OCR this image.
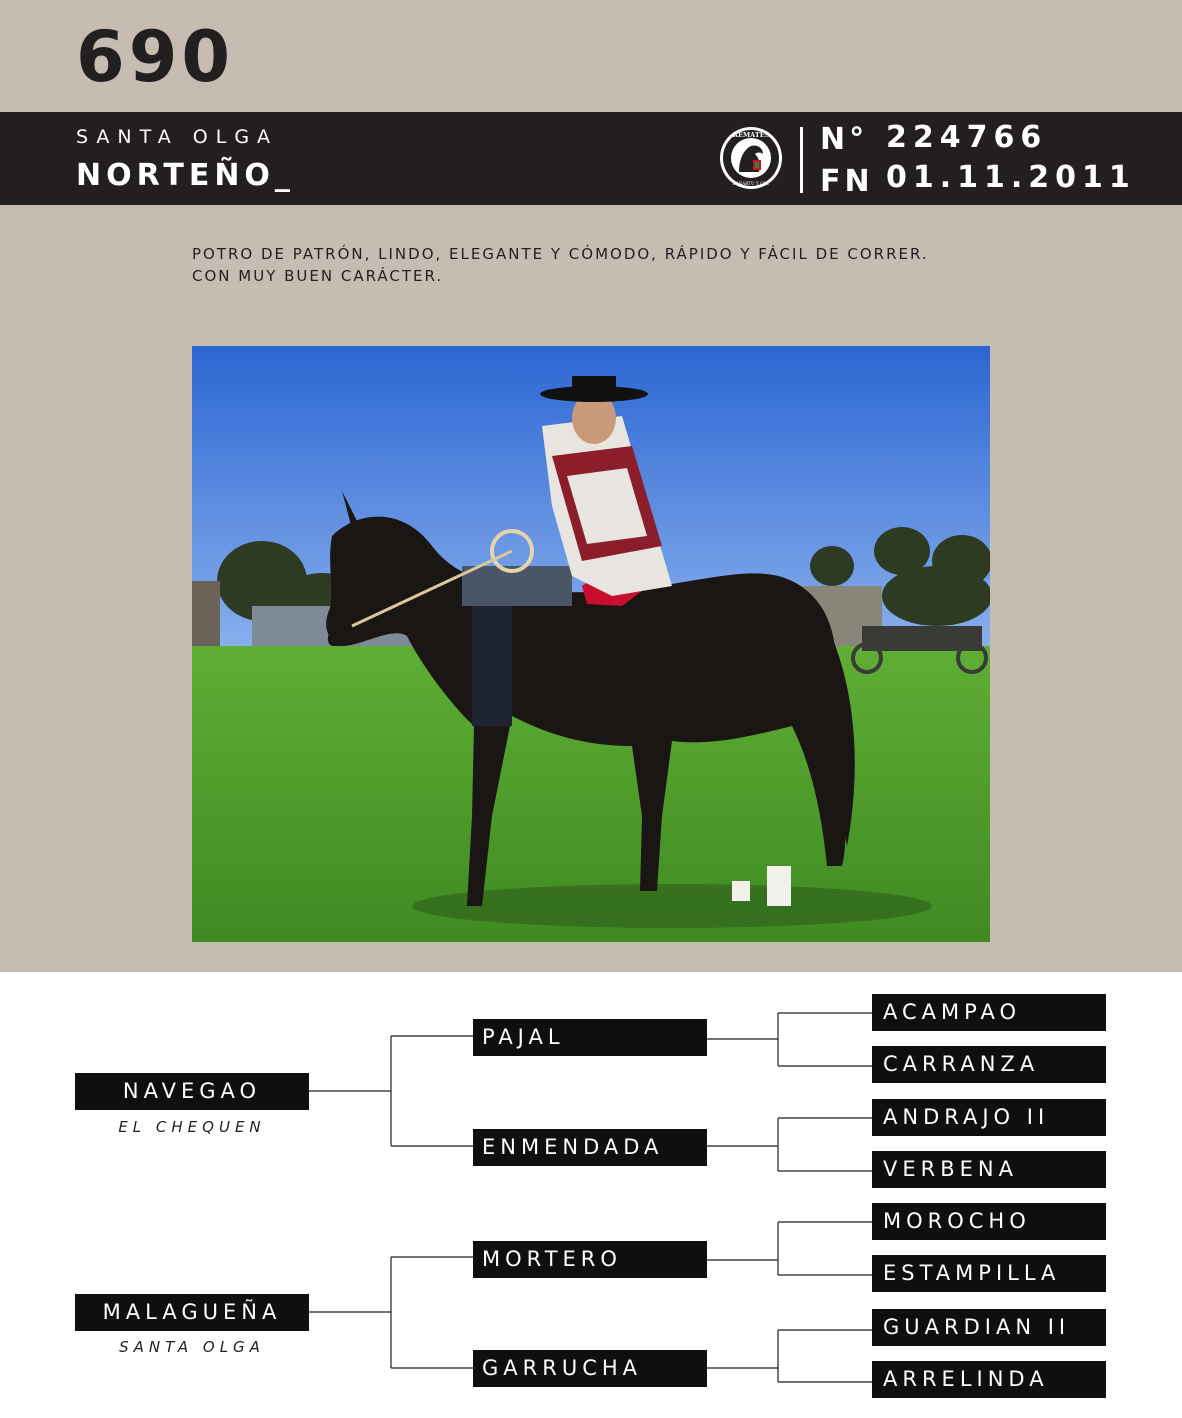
690
SANTA OLGA
NORTEÑO_
REMATES
ZAÑARTU Y CIA.
N° 224766
FN 01.11.2011
POTRO DE PATRÓN, LINDO, ELEGANTE Y CÓMODO, RÁPIDO Y FÁCIL DE CORRER.
CON MUY BUEN CARÁCTER.
NAVEGAO
EL CHEQUEN
MALAGUEÑA
SANTA OLGA
PAJAL
ENMENDADA
MORTERO
GARRUCHA
ACAMPAO
CARRANZA
ANDRAJO II
VERBENA
MOROCHO
ESTAMPILLA
GUARDIAN II
ARRELINDA
